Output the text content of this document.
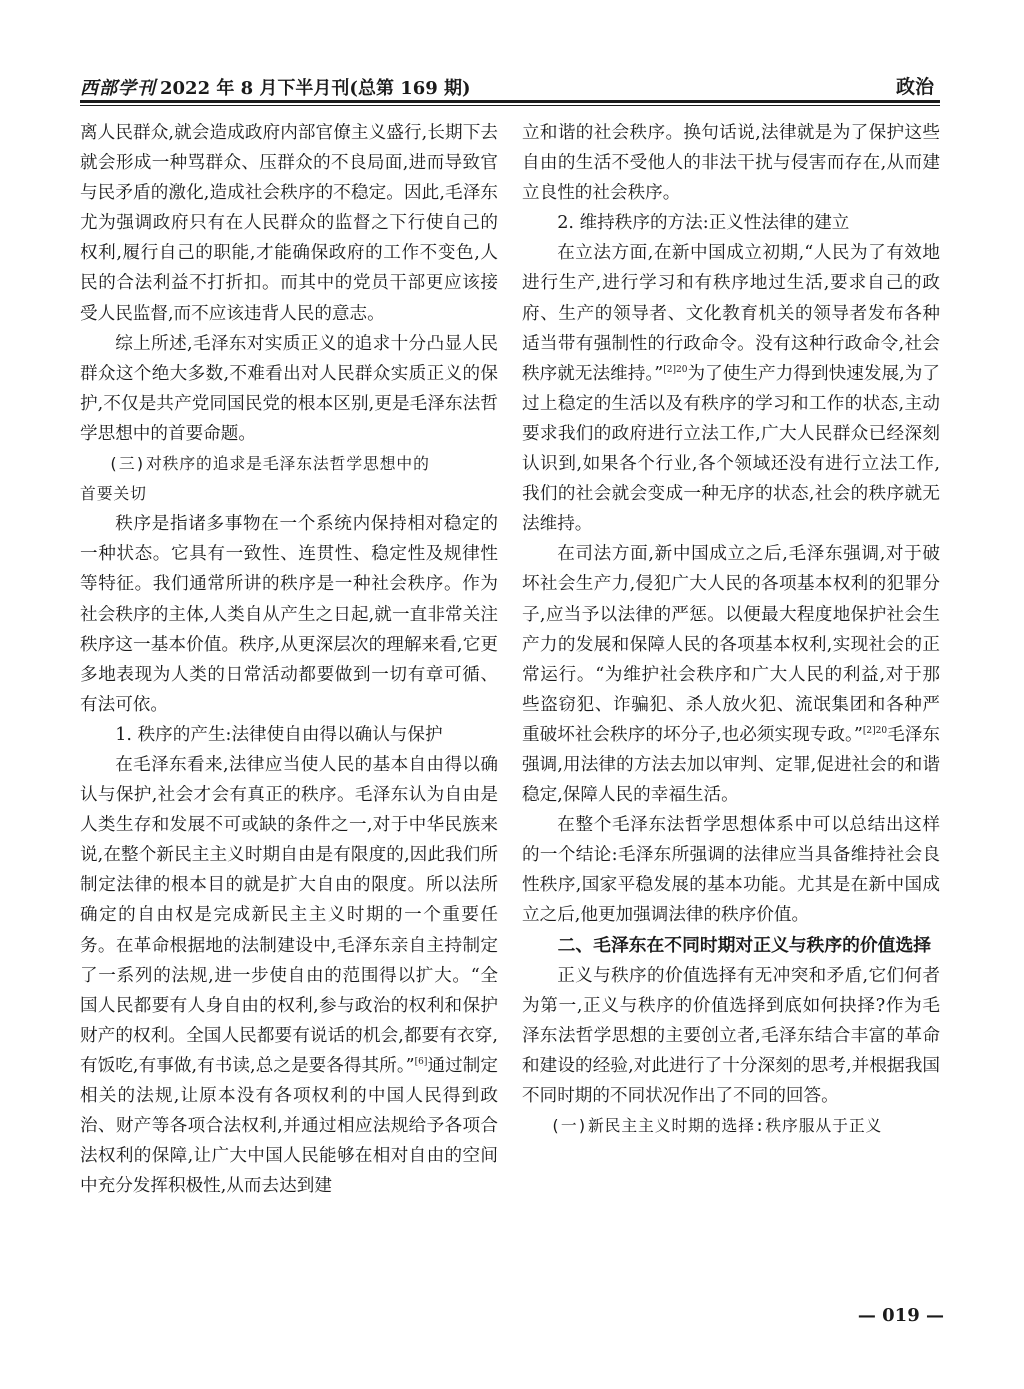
西部学刊 2022 年 8 月下半月刊(总第 169 期)	政治

离人民群众,就会造成政府内部官僚主义盛行,长期下去就会形成一种骂群众、压群众的不良局面,进而导致官与民矛盾的激化,造成社会秩序的不稳定。因此,毛泽东尤为强调政府只有在人民群众的监督之下行使自己的权利,履行自己的职能,才能确保政府的工作不变色,人民的合法利益不打折扣。而其中的党员干部更应该接受人民监督,而不应该违背人民的意志。

综上所述,毛泽东对实质正义的追求十分凸显人民群众这个绝大多数,不难看出对人民群众实质正义的保护,不仅是共产党同国民党的根本区别,更是毛泽东法哲学思想中的首要命题。

(三)对秩序的追求是毛泽东法哲学思想中的

首要关切

秩序是指诸多事物在一个系统内保持相对稳定的一种状态。它具有一致性、连贯性、稳定性及规律性等特征。我们通常所讲的秩序是一种社会秩序。作为社会秩序的主体,人类自从产生之日起,就一直非常关注秩序这一基本价值。秩序,从更深层次的理解来看,它更多地表现为人类的日常活动都要做到一切有章可循、有法可依。

1. 秩序的产生:法律使自由得以确认与保护

在毛泽东看来,法律应当使人民的基本自由得以确认与保护,社会才会有真正的秩序。毛泽东认为自由是人类生存和发展不可或缺的条件之一,对于中华民族来说,在整个新民主主义时期自由是有限度的,因此我们所制定法律的根本目的就是扩大自由的限度。所以法所确定的自由权是完成新民主主义时期的一个重要任务。在革命根据地的法制建设中,毛泽东亲自主持制定了一系列的法规,进一步使自由的范围得以扩大。“全国人民都要有人身自由的权利,参与政治的权利和保护财产的权利。全国人民都要有说话的机会,都要有衣穿,有饭吃,有事做,有书读,总之是要各得其所。”[6]通过制定相关的法规,让原本没有各项权利的中国人民得到政治、财产等各项合法权利,并通过相应法规给予各项合法权利的保障,让广大中国人民能够在相对自由的空间中充分发挥积极性,从而去达到建

立和谐的社会秩序。换句话说,法律就是为了保护这些自由的生活不受他人的非法干扰与侵害而存在,从而建立良性的社会秩序。

2. 维持秩序的方法:正义性法律的建立

在立法方面,在新中国成立初期,“人民为了有效地进行生产,进行学习和有秩序地过生活,要求自己的政府、生产的领导者、文化教育机关的领导者发布各种适当带有强制性的行政命令。没有这种行政命令,社会秩序就无法维持。”$^{[2]20}$为了使生产力得到快速发展,为了过上稳定的生活以及有秩序的学习和工作的状态,主动要求我们的政府进行立法工作,广大人民群众已经深刻认识到,如果各个行业,各个领域还没有进行立法工作,我们的社会就会变成一种无序的状态,社会的秩序就无法维持。

在司法方面,新中国成立之后,毛泽东强调,对于破坏社会生产力,侵犯广大人民的各项基本权利的犯罪分子,应当予以法律的严惩。以便最大程度地保护社会生产力的发展和保障人民的各项基本权利,实现社会的正常运行。“为维护社会秩序和广大人民的利益,对于那些盗窃犯、诈骗犯、杀人放火犯、流氓集团和各种严重破坏社会秩序的坏分子,也必须实现专政。”$^{[2]20}$毛泽东强调,用法律的方法去加以审判、定罪,促进社会的和谐稳定,保障人民的幸福生活。

在整个毛泽东法哲学思想体系中可以总结出这样的一个结论:毛泽东所强调的法律应当具备维持社会良性秩序,国家平稳发展的基本功能。尤其是在新中国成立之后,他更加强调法律的秩序价值。

二、毛泽东在不同时期对正义与秩序的价值选择

正义与秩序的价值选择有无冲突和矛盾,它们何者为第一,正义与秩序的价值选择到底如何抉择?作为毛泽东法哲学思想的主要创立者,毛泽东结合丰富的革命和建设的经验,对此进行了十分深刻的思考,并根据我国不同时期的不同状况作出了不同的回答。

(一)新民主主义时期的选择:秩序服从于正义

— 019 —
